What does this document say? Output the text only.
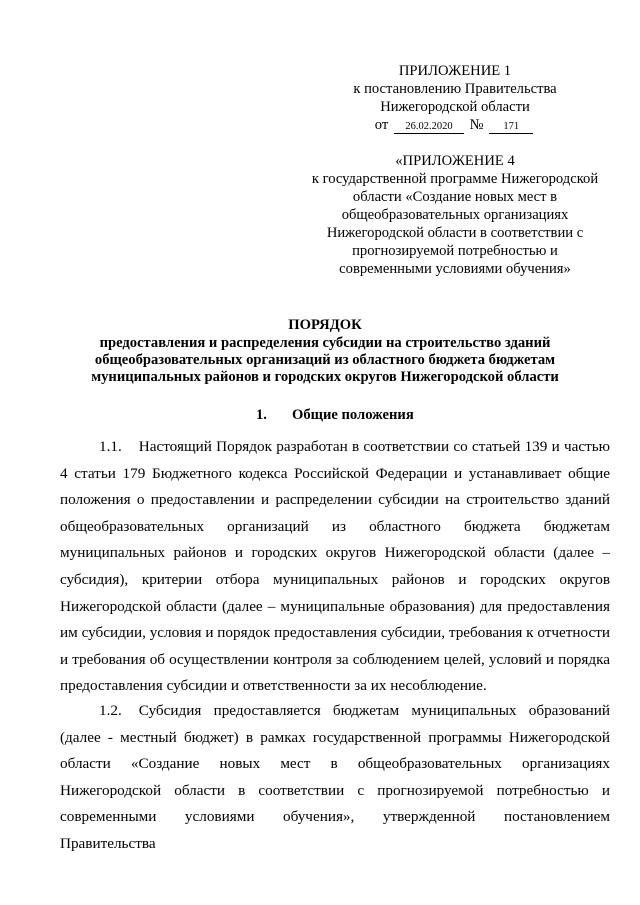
ПРИЛОЖЕНИЕ 1
к постановлению Правительства
Нижегородской области
от 26.02.2020 № 171
«ПРИЛОЖЕНИЕ 4
к государственной программе Нижегородской
области «Создание новых мест в
общеобразовательных организациях
Нижегородской области в соответствии с
прогнозируемой потребностью и
современными условиями обучения»
ПОРЯДОК
предоставления и распределения субсидии на строительство зданий
общеобразовательных организаций из областного бюджета бюджетам
муниципальных районов и городских округов Нижегородской области
1. Общие положения

1.1. Настоящий Порядок разработан в соответствии со статьей 139 и частью 4 статьи 179 Бюджетного кодекса Российской Федерации и устанавливает общие положения о предоставлении и распределении субсидии на строительство зданий общеобразовательных организаций из областного бюджета бюджетам муниципальных районов и городских округов Нижегородской области (далее – субсидия), критерии отбора муниципальных районов и городских округов Нижегородской области (далее – муниципальные образования) для предоставления им субсидии, условия и порядок предоставления субсидии, требования к отчетности и требования об осуществлении контроля за соблюдением целей, условий и порядка предоставления субсидии и ответственности за их несоблюдение.

1.2. Субсидия предоставляется бюджетам муниципальных образований (далее - местный бюджет) в рамках государственной программы Нижегородской области «Создание новых мест в общеобразовательных организациях Нижегородской области в соответствии с прогнозируемой потребностью и современными условиями обучения», утвержденной постановлением Правительства
